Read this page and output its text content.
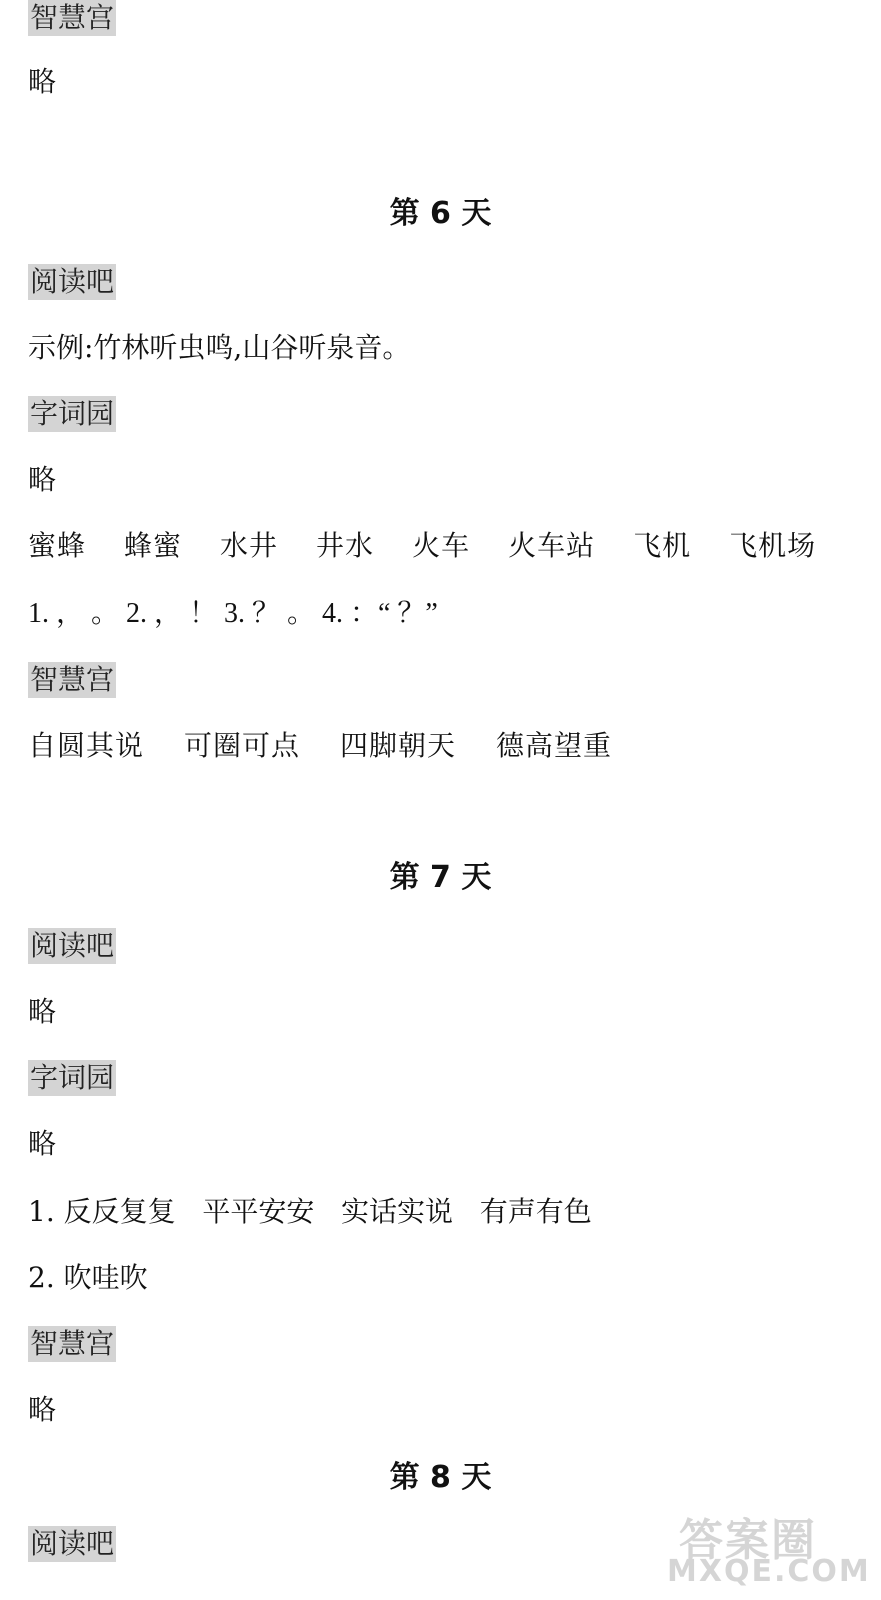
智慧宫
略
第 6 天
阅读吧
示例:竹林听虫鸣,山谷听泉音。
字词园
略
蜜蜂 蜂蜜 水井 井水 火车 火车站 飞机 飞机场
1. ， 。 2. ， ！ 3. ？ 。 4. ：“ ？”
智慧宫
自圆其说 可圈可点 四脚朝天 德高望重
第 7 天
阅读吧
略
字词园
略
1. 反反复复   平平安安   实话实说   有声有色
2. 吹哇吹
智慧宫
略
第 8 天
阅读吧	答案圈
MXQE.COM
